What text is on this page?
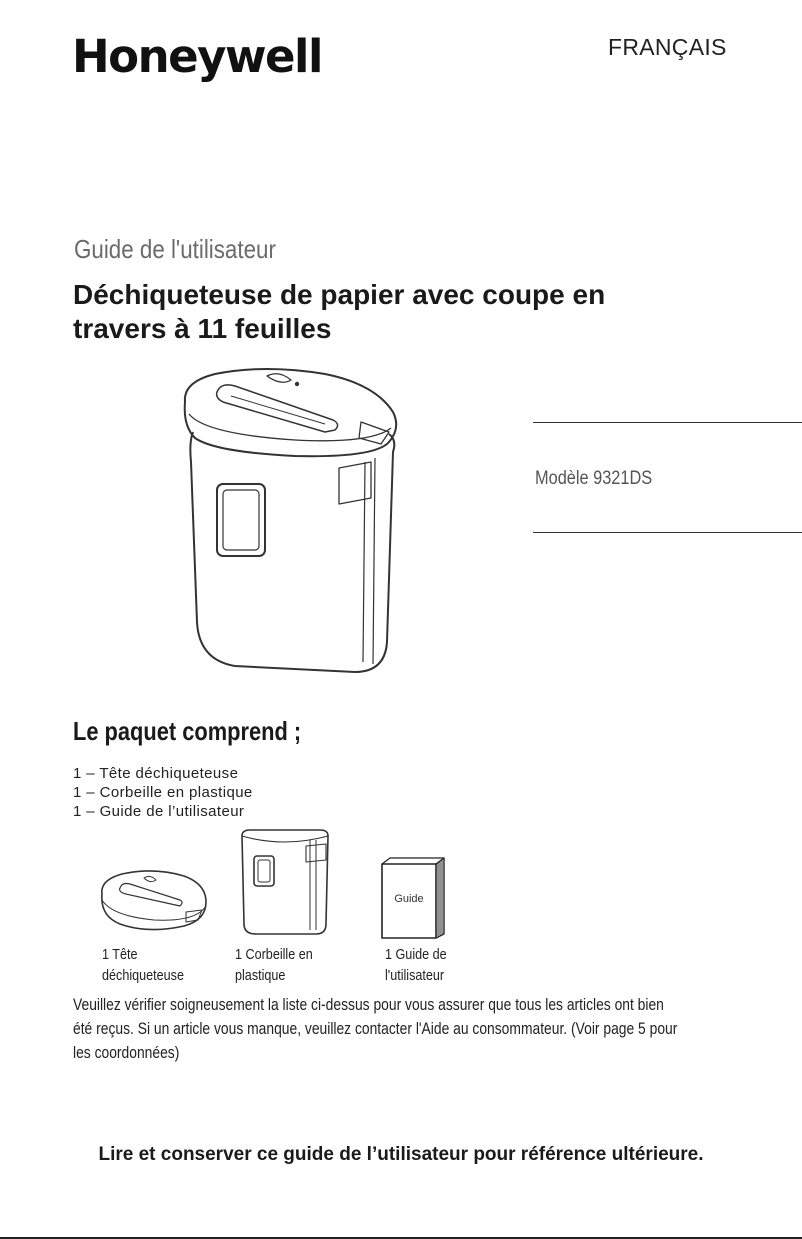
Honeywell	FRANÇAIS
Guide de l'utilisateur
Déchiqueteuse de papier avec coupe en
travers à 11 feuilles
Modèle 9321DS
Le paquet comprend ;
1 – Tête déchiqueteuse
1 – Corbeille en plastique
1 – Guide de l’utilisateur
Guide
1 Tête
déchiqueteuse
1 Corbeille en
plastique
1 Guide de
l'utilisateur
Veuillez vérifier soigneusement la liste ci-dessus pour vous assurer que tous les articles ont bien
été reçus. Si un article vous manque, veuillez contacter l'Aide au consommateur. (Voir page 5 pour
les coordonnées)
Lire et conserver ce guide de l’utilisateur pour référence ultérieure.
